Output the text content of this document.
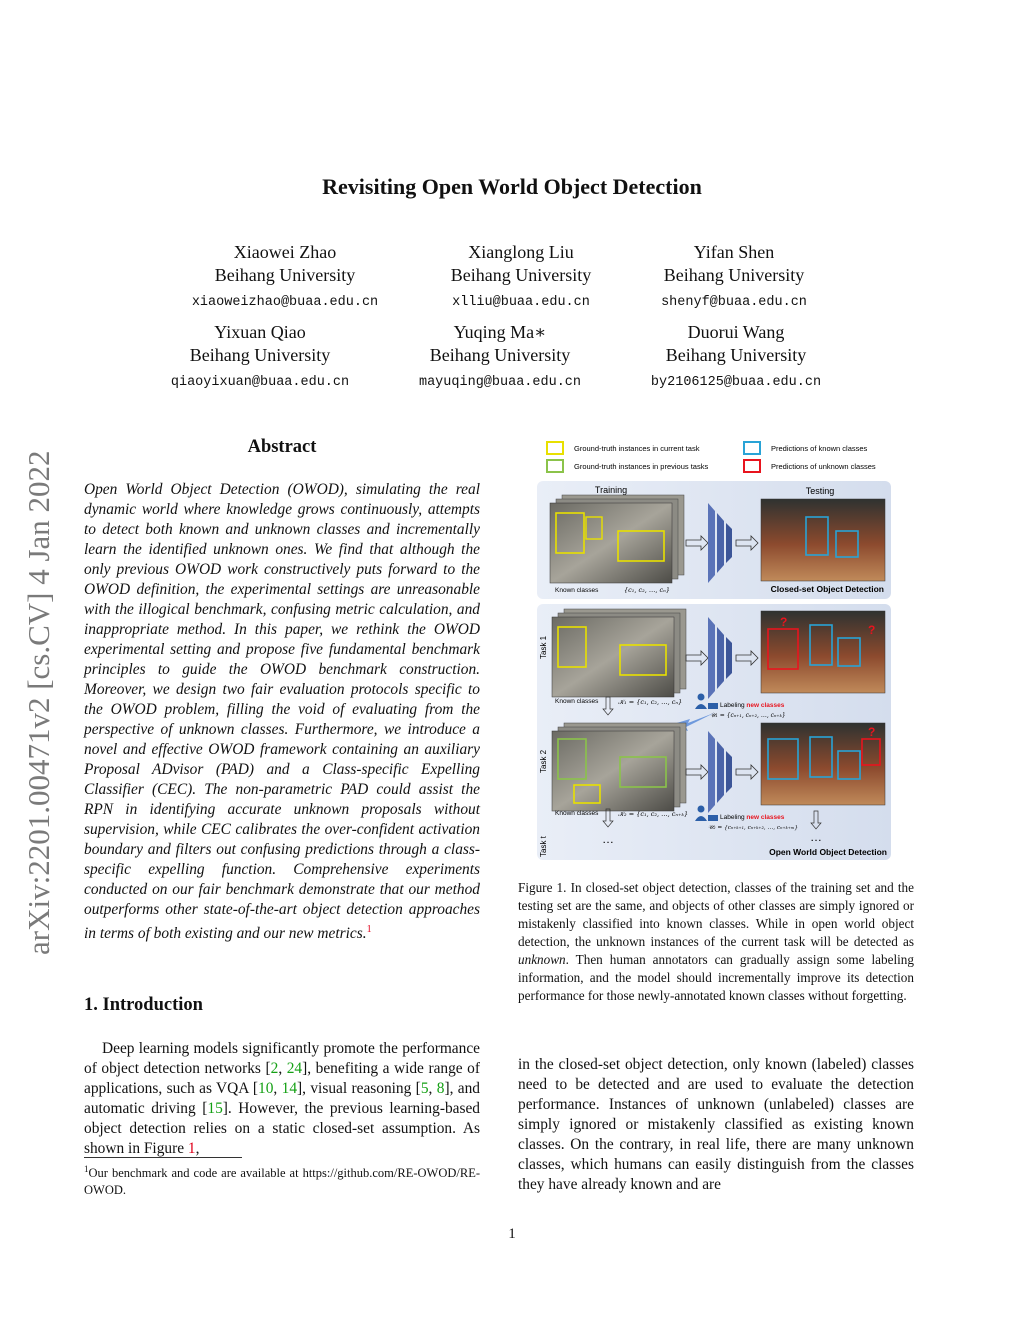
arXiv:2201.00471v2 [cs.CV] 4 Jan 2022
Revisiting Open World Object Detection
Xiaowei Zhao
Beihang University
xiaoweizhao@buaa.edu.cn
Xianglong Liu
Beihang University
xlliu@buaa.edu.cn
Yifan Shen
Beihang University
shenyf@buaa.edu.cn
Yixuan Qiao
Beihang University
qiaoyixuan@buaa.edu.cn
Yuqing Ma∗
Beihang University
mayuqing@buaa.edu.cn
Duorui Wang
Beihang University
by2106125@buaa.edu.cn
Abstract
Open World Object Detection (OWOD), simulating the real dynamic world where knowledge grows continuously, attempts to detect both known and unknown classes and incrementally learn the identified unknown ones. We find that although the only previous OWOD work constructively puts forward to the OWOD definition, the experimental settings are unreasonable with the illogical benchmark, confusing metric calculation, and inappropriate method. In this paper, we rethink the OWOD experimental setting and propose five fundamental benchmark principles to guide the OWOD benchmark construction. Moreover, we design two fair evaluation protocols specific to the OWOD problem, filling the void of evaluating from the perspective of unknown classes. Furthermore, we introduce a novel and effective OWOD framework containing an auxiliary Proposal ADvisor (PAD) and a Class-specific Expelling Classifier (CEC). The non-parametric PAD could assist the RPN in identifying accurate unknown proposals without supervision, while CEC calibrates the over-confident activation boundary and filters out confusing predictions through a class-specific expelling function. Comprehensive experiments conducted on our fair benchmark demonstrate that our method outperforms other state-of-the-art object detection approaches in terms of both existing and our new metrics.$^1$
1. Introduction
Deep learning models significantly promote the performance of object detection networks [2, 24], benefiting a wide range of applications, such as VQA [10, 14], visual reasoning [5, 8], and automatic driving [15]. However, the previous learning-based object detection relies on a static closed-set assumption. As shown in Figure 1,
$^1$Our benchmark and code are available at https://github.com/RE-OWOD/RE-OWOD.
Ground-truth instances in current task
Ground-truth instances in previous tasks
Predictions of known classes
Predictions of unknown classes
Training	Testing
Known classes	{c₁, c₂, …, cₙ}	Closed-set Object Detection
Task 1
Known classes	𝒦₁ = {c₁, c₂, …, cₙ}
?
?
Labeling new classes
𝒰₁ = {cₙ₊₁, cₙ₊₂, …, cₙ₊ₖ}
Task 2
Known classes	𝒦₂ = {c₁, c₂, …, cₙ₊ₖ}
?
Labeling new classes
𝒰₂ = {cₙ₊ₖ₊₁, cₙ₊ₖ₊₂, …, cₙ₊ₖ₊ₘ}
…
Task t	…
Open World Object Detection
Figure 1. In closed-set object detection, classes of the training set and the testing set are the same, and objects of other classes are simply ignored or mistakenly classified into known classes. While in open world object detection, the unknown instances of the current task will be detected as unknown. Then human annotators can gradually assign some labeling information, and the model should incrementally improve its detection performance for those newly-annotated known classes without forgetting.
in the closed-set object detection, only known (labeled) classes need to be detected and are used to evaluate the detection performance. Instances of unknown (unlabeled) classes are simply ignored or mistakenly classified as existing known classes. On the contrary, in real life, there are many unknown classes, which humans can easily distinguish from the classes they have already known and are
1
